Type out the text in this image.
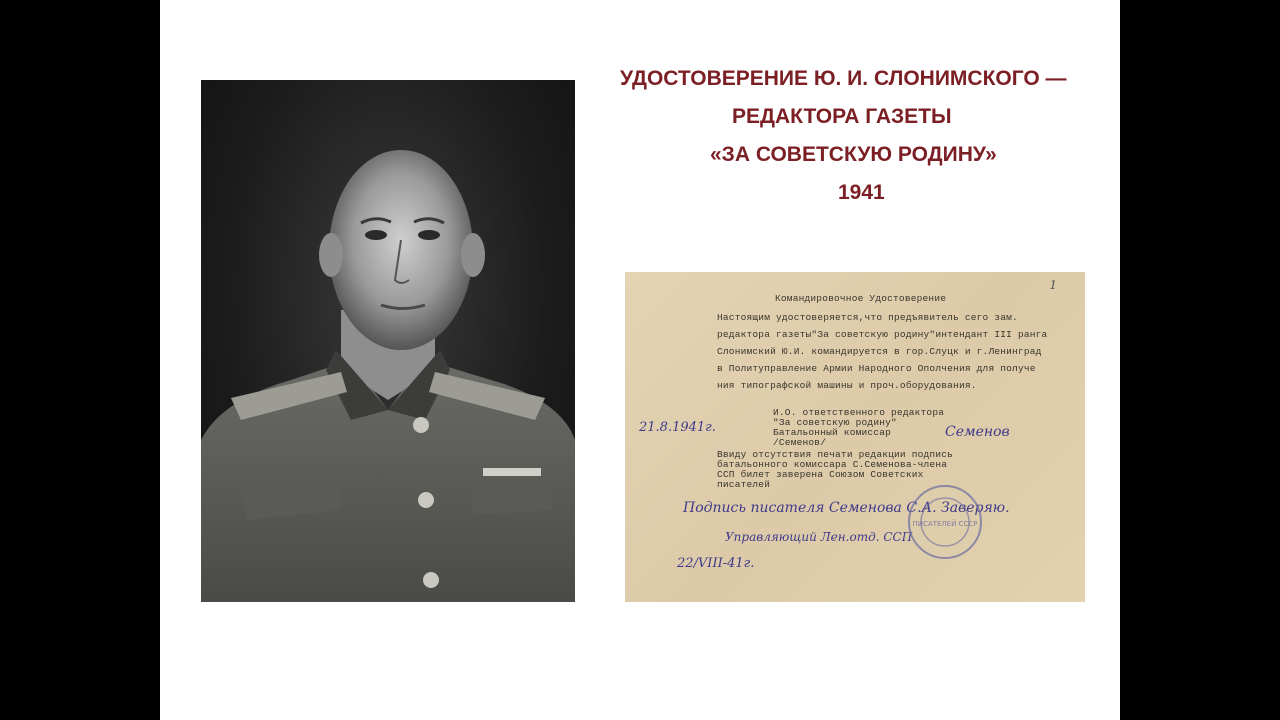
УДОСТОВЕРЕНИЕ Ю. И. СЛОНИМСКОГО —
РЕДАКТОРА ГАЗЕТЫ
«ЗА СОВЕТСКУЮ РОДИНУ»
1941
1
Командировочное Удостоверение
Настоящим удостоверяется,что предъявитель сего зам.
редактора газеты"За советскую родину"интендант III ранга
Слонимский Ю.И. командируется в гор.Слуцк и г.Ленинград
в Политуправление Армии Народного Ополчения для получе
ния типографской машины и проч.оборудования.
И.О. ответственного редактора
"За советскую родину"
Батальонный комиссар
/Семенов/
Ввиду отсутствия печати редакции подпись
батальонного комиссара С.Семенова-члена
ССП билет заверена Союзом Советских
писателей
21.8.1941г.	Семенов
Подпись писателя Семенова С.А. Заверяю.
Управляющий Лен.отд. ССП
22/VIII-41г.
ПИСАТЕЛЕЙ СССР
